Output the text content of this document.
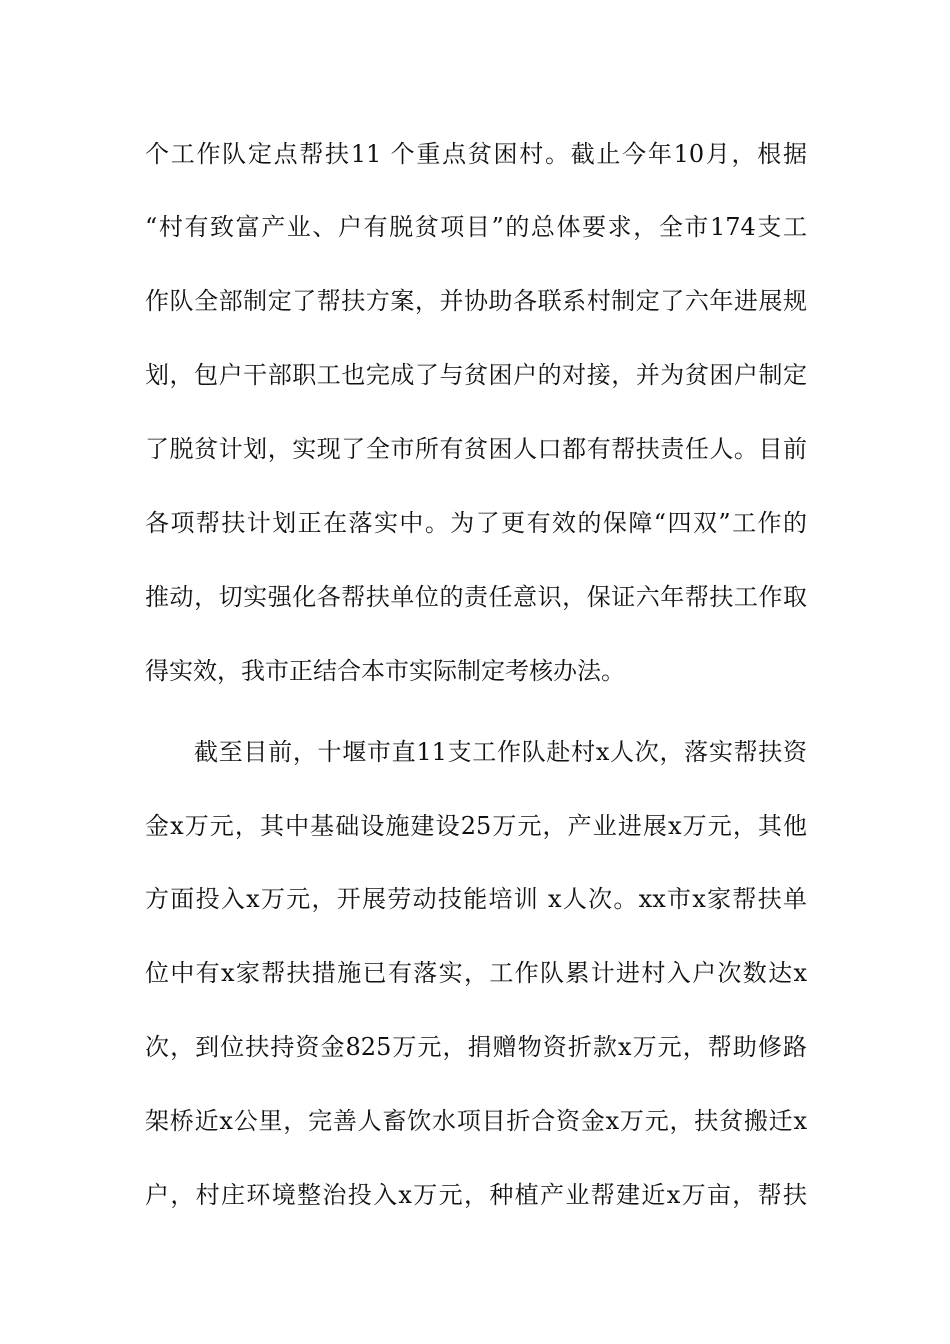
个工作队定点帮扶11 个重点贫困村。截止今年10月，根据
“村有致富产业、户有脱贫项目”的总体要求，全市174支工
作队全部制定了帮扶方案，并协助各联系村制定了六年进展规
划，包户干部职工也完成了与贫困户的对接，并为贫困户制定
了脱贫计划，实现了全市所有贫困人口都有帮扶责任人。目前
各项帮扶计划正在落实中。为了更有效的保障“四双”工作的
推动，切实强化各帮扶单位的责任意识，保证六年帮扶工作取
得实效，我市正结合本市实际制定考核办法。
截至目前，十堰市直11支工作队赴村x人次，落实帮扶资
金x万元，其中基础设施建设25万元，产业进展x万元，其他
方面投入x万元，开展劳动技能培训 x人次。xx市x家帮扶单
位中有x家帮扶措施已有落实，工作队累计进村入户次数达x
次，到位扶持资金825万元，捐赠物资折款x万元，帮助修路
架桥近x公里，完善人畜饮水项目折合资金x万元，扶贫搬迁x
户，村庄环境整治投入x万元，种植产业帮建近x万亩，帮扶
